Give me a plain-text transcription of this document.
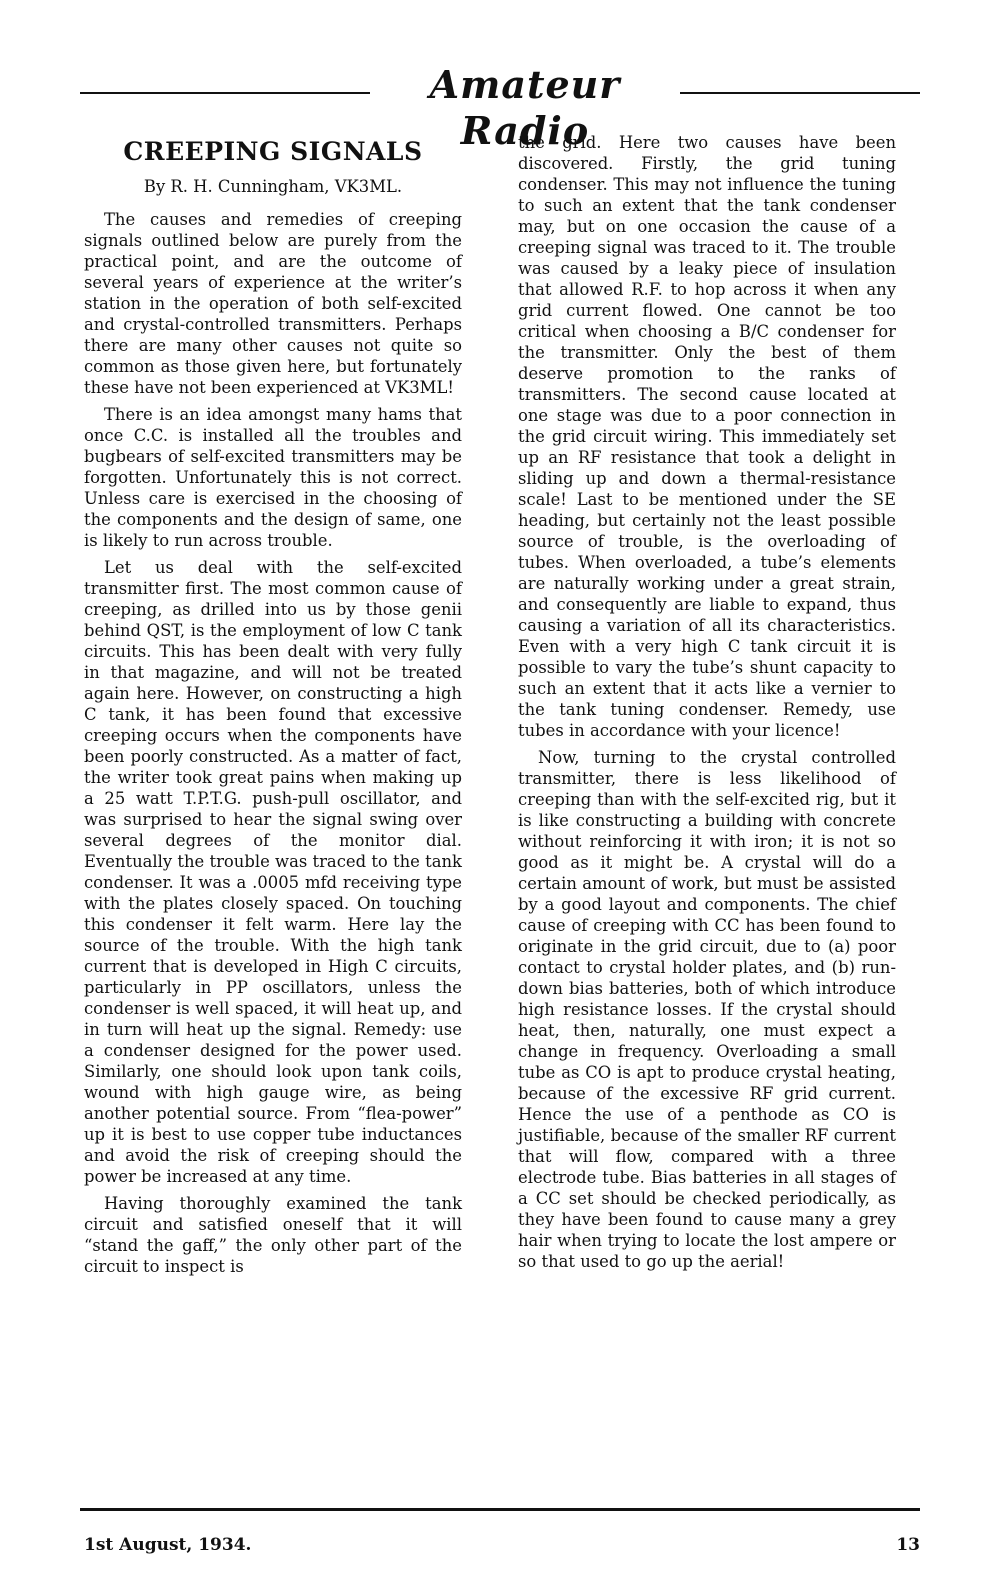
Amateur Radio
CREEPING SIGNALS
By R. H. Cunningham, VK3ML.

The causes and remedies of creeping signals outlined below are purely from the practical point, and are the outcome of several years of experience at the writer’s station in the operation of both self-excited and crystal-controlled transmitters. Perhaps there are many other causes not quite so common as those given here, but fortunately these have not been experienced at VK3ML!

There is an idea amongst many hams that once C.C. is installed all the troubles and bugbears of self-excited transmitters may be forgotten. Unfortunately this is not correct. Unless care is exercised in the choosing of the components and the design of same, one is likely to run across trouble.

Let us deal with the self-excited transmitter first. The most common cause of creeping, as drilled into us by those genii behind QST, is the employment of low C tank circuits. This has been dealt with very fully in that magazine, and will not be treated again here. However, on constructing a high C tank, it has been found that excessive creeping occurs when the components have been poorly constructed. As a matter of fact, the writer took great pains when making up a 25 watt T.P.T.G. push-pull oscillator, and was surprised to hear the signal swing over several degrees of the monitor dial. Eventually the trouble was traced to the tank condenser. It was a .0005 mfd receiving type with the plates closely spaced. On touching this condenser it felt warm. Here lay the source of the trouble. With the high tank current that is developed in High C circuits, particularly in PP oscillators, unless the condenser is well spaced, it will heat up, and in turn will heat up the signal. Remedy: use a condenser designed for the power used. Similarly, one should look upon tank coils, wound with high gauge wire, as being another potential source. From “flea-power” up it is best to use copper tube inductances and avoid the risk of creeping should the power be increased at any time.

Having thoroughly examined the tank circuit and satisfied oneself that it will “stand the gaff,” the only other part of the circuit to inspect is

the grid. Here two causes have been discovered. Firstly, the grid tuning condenser. This may not influence the tuning to such an extent that the tank condenser may, but on one occasion the cause of a creeping signal was traced to it. The trouble was caused by a leaky piece of insulation that allowed R.F. to hop across it when any grid current flowed. One cannot be too critical when choosing a B/C condenser for the transmitter. Only the best of them deserve promotion to the ranks of transmitters. The second cause located at one stage was due to a poor connection in the grid circuit wiring. This immediately set up an RF resistance that took a delight in sliding up and down a thermal-resistance scale! Last to be mentioned under the SE heading, but certainly not the least possible source of trouble, is the overloading of tubes. When overloaded, a tube’s elements are naturally working under a great strain, and consequently are liable to expand, thus causing a variation of all its characteristics. Even with a very high C tank circuit it is possible to vary the tube’s shunt capacity to such an extent that it acts like a vernier to the tank tuning condenser. Remedy, use tubes in accordance with your licence!

Now, turning to the crystal controlled transmitter, there is less likelihood of creeping than with the self-excited rig, but it is like constructing a building with concrete without reinforcing it with iron; it is not so good as it might be. A crystal will do a certain amount of work, but must be assisted by a good layout and components. The chief cause of creeping with CC has been found to originate in the grid circuit, due to (a) poor contact to crystal holder plates, and (b) run-down bias batteries, both of which introduce high resistance losses. If the crystal should heat, then, naturally, one must expect a change in frequency. Overloading a small tube as CO is apt to produce crystal heating, because of the excessive RF grid current. Hence the use of a penthode as CO is justifiable, because of the smaller RF current that will flow, compared with a three electrode tube. Bias batteries in all stages of a CC set should be checked periodically, as they have been found to cause many a grey hair when trying to locate the lost ampere or so that used to go up the aerial!

1st August, 1934.	13
